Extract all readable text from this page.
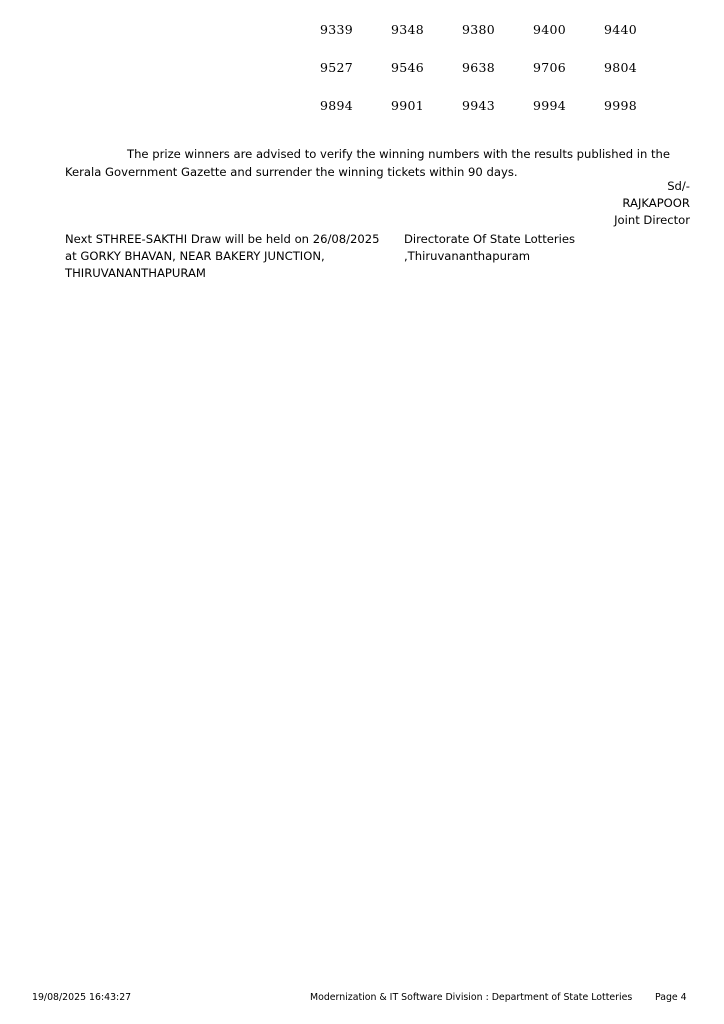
9339	9348	9380	9400	9440
9527	9546	9638	9706	9804
9894	9901	9943	9994	9998
The prize winners are advised to verify the winning numbers with the results published in the Kerala Government Gazette and surrender the winning tickets within 90 days.
Sd/-
RAJKAPOOR
Joint Director
Next STHREE-SAKTHI Draw will be held on 26/08/2025
at GORKY BHAVAN, NEAR BAKERY JUNCTION,
THIRUVANANTHAPURAM
Directorate Of State Lotteries ,Thiruvananthapuram
19/08/2025 16:43:27	Modernization & IT Software Division : Department of State Lotteries Page 4
